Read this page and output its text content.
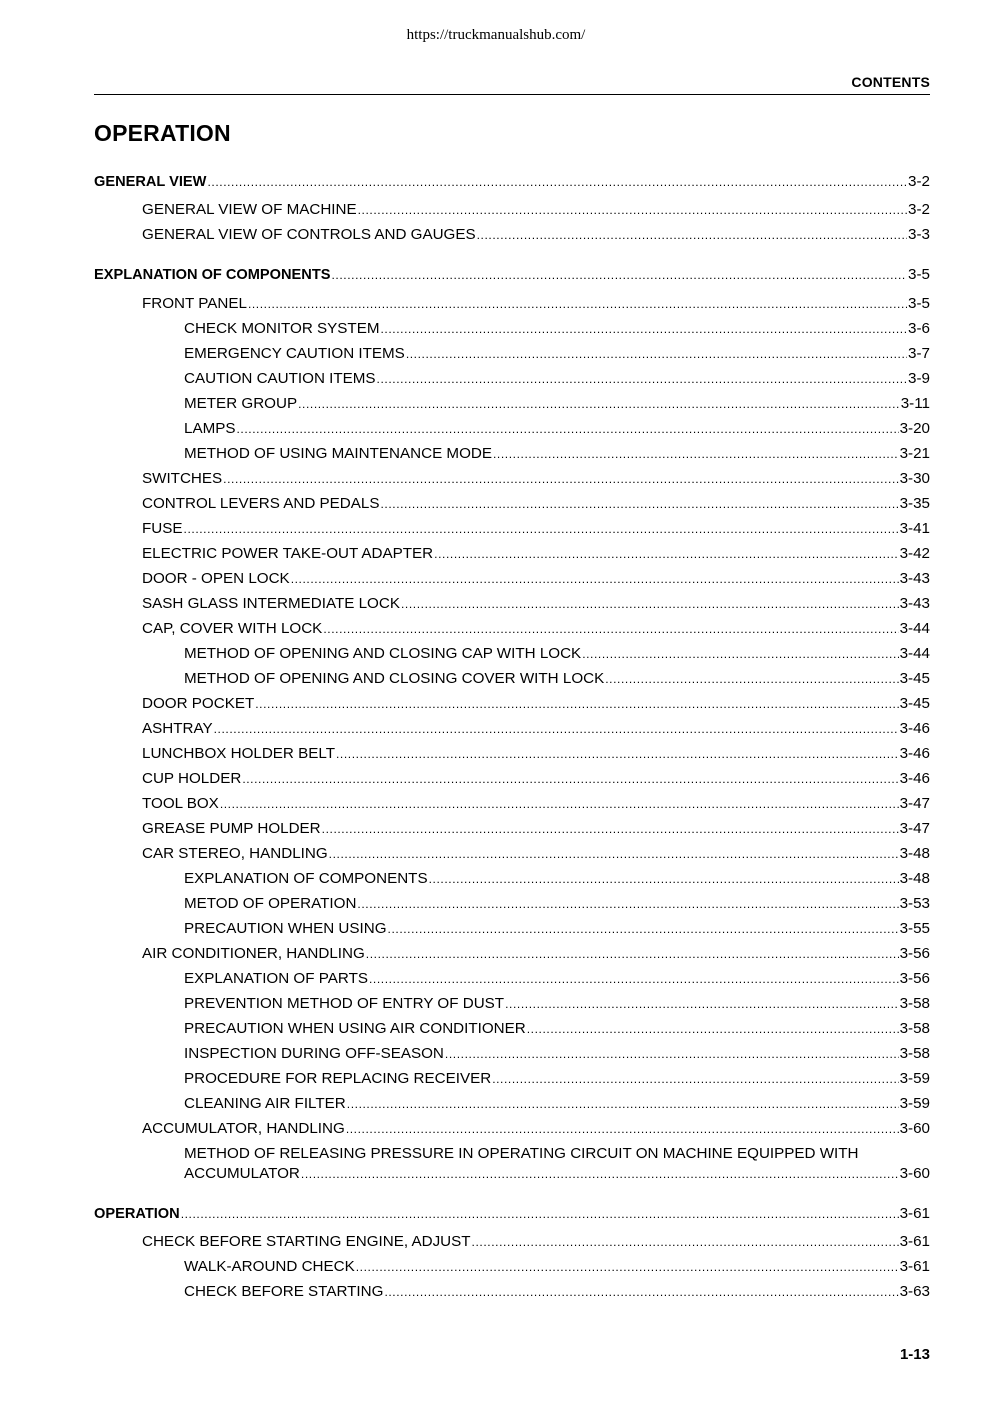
https://truckmanualshub.com/
CONTENTS
OPERATION
GENERAL VIEW .....	3-2
GENERAL VIEW OF MACHINE .....	3-2
GENERAL VIEW OF CONTROLS AND GAUGES .....	3-3
EXPLANATION OF COMPONENTS .....	3-5
FRONT PANEL .....	3-5
CHECK MONITOR SYSTEM .....	3-6
EMERGENCY CAUTION ITEMS .....	3-7
CAUTION CAUTION ITEMS .....	3-9
METER GROUP .....	3-11
LAMPS .....	3-20
METHOD OF USING MAINTENANCE MODE .....	3-21
SWITCHES .....	3-30
CONTROL LEVERS AND PEDALS .....	3-35
FUSE .....	3-41
ELECTRIC POWER TAKE-OUT ADAPTER .....	3-42
DOOR - OPEN LOCK .....	3-43
SASH GLASS INTERMEDIATE LOCK .....	3-43
CAP, COVER WITH LOCK .....	3-44
METHOD OF OPENING AND CLOSING CAP WITH LOCK .....	3-44
METHOD OF OPENING AND CLOSING COVER WITH LOCK .....	3-45
DOOR POCKET .....	3-45
ASHTRAY .....	3-46
LUNCHBOX HOLDER BELT .....	3-46
CUP HOLDER .....	3-46
TOOL BOX .....	3-47
GREASE PUMP HOLDER .....	3-47
CAR STEREO, HANDLING .....	3-48
EXPLANATION OF COMPONENTS .....	3-48
METOD OF OPERATION .....	3-53
PRECAUTION WHEN USING .....	3-55
AIR CONDITIONER, HANDLING .....	3-56
EXPLANATION OF PARTS .....	3-56
PREVENTION METHOD OF ENTRY OF DUST .....	3-58
PRECAUTION WHEN USING AIR CONDITIONER .....	3-58
INSPECTION DURING OFF-SEASON .....	3-58
PROCEDURE FOR REPLACING RECEIVER .....	3-59
CLEANING AIR FILTER .....	3-59
ACCUMULATOR, HANDLING .....	3-60
METHOD OF RELEASING PRESSURE IN OPERATING CIRCUIT ON MACHINE EQUIPPED WITH
ACCUMULATOR .....	3-60
OPERATION .....	3-61
CHECK BEFORE STARTING ENGINE, ADJUST .....	3-61
WALK-AROUND CHECK .....	3-61
CHECK BEFORE STARTING .....	3-63
1-13
